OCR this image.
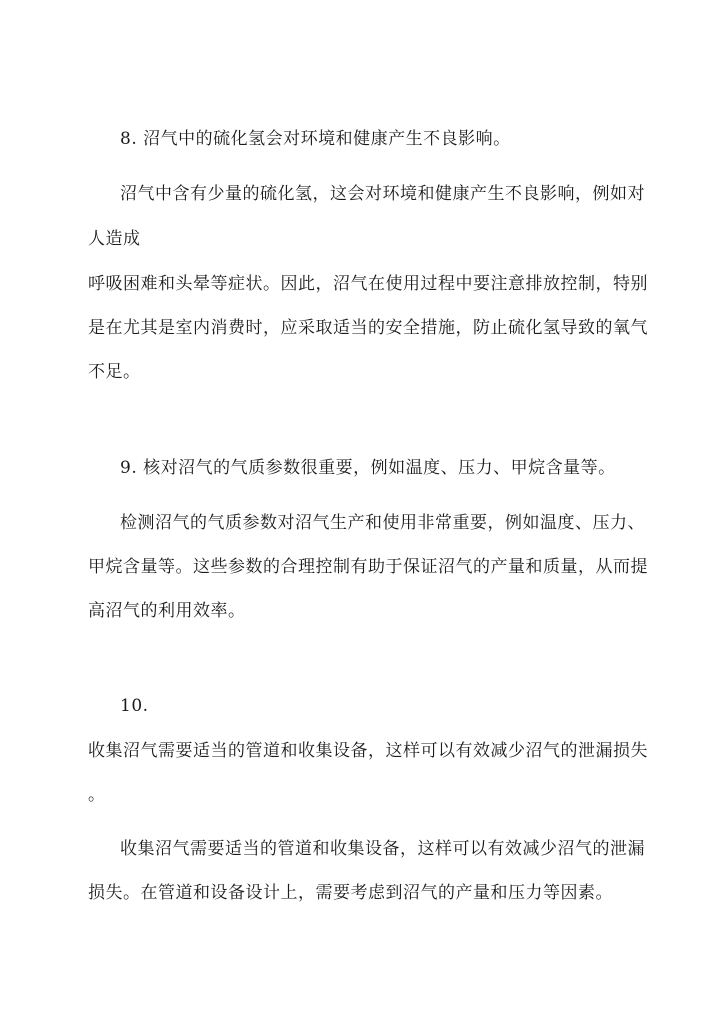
8. 沼气中的硫化氢会对环境和健康产生不良影响。
沼气中含有少量的硫化氢，这会对环境和健康产生不良影响，例如对
人造成
呼吸困难和头晕等症状。因此，沼气在使用过程中要注意排放控制，特别
是在尤其是室内消费时，应采取适当的安全措施，防止硫化氢导致的氧气
不足。
9. 核对沼气的气质参数很重要，例如温度、压力、甲烷含量等。
检测沼气的气质参数对沼气生产和使用非常重要，例如温度、压力、
甲烷含量等。这些参数的合理控制有助于保证沼气的产量和质量，从而提
高沼气的利用效率。
10.
收集沼气需要适当的管道和收集设备，这样可以有效减少沼气的泄漏损失
。
收集沼气需要适当的管道和收集设备，这样可以有效减少沼气的泄漏
损失。在管道和设备设计上，需要考虑到沼气的产量和压力等因素。
